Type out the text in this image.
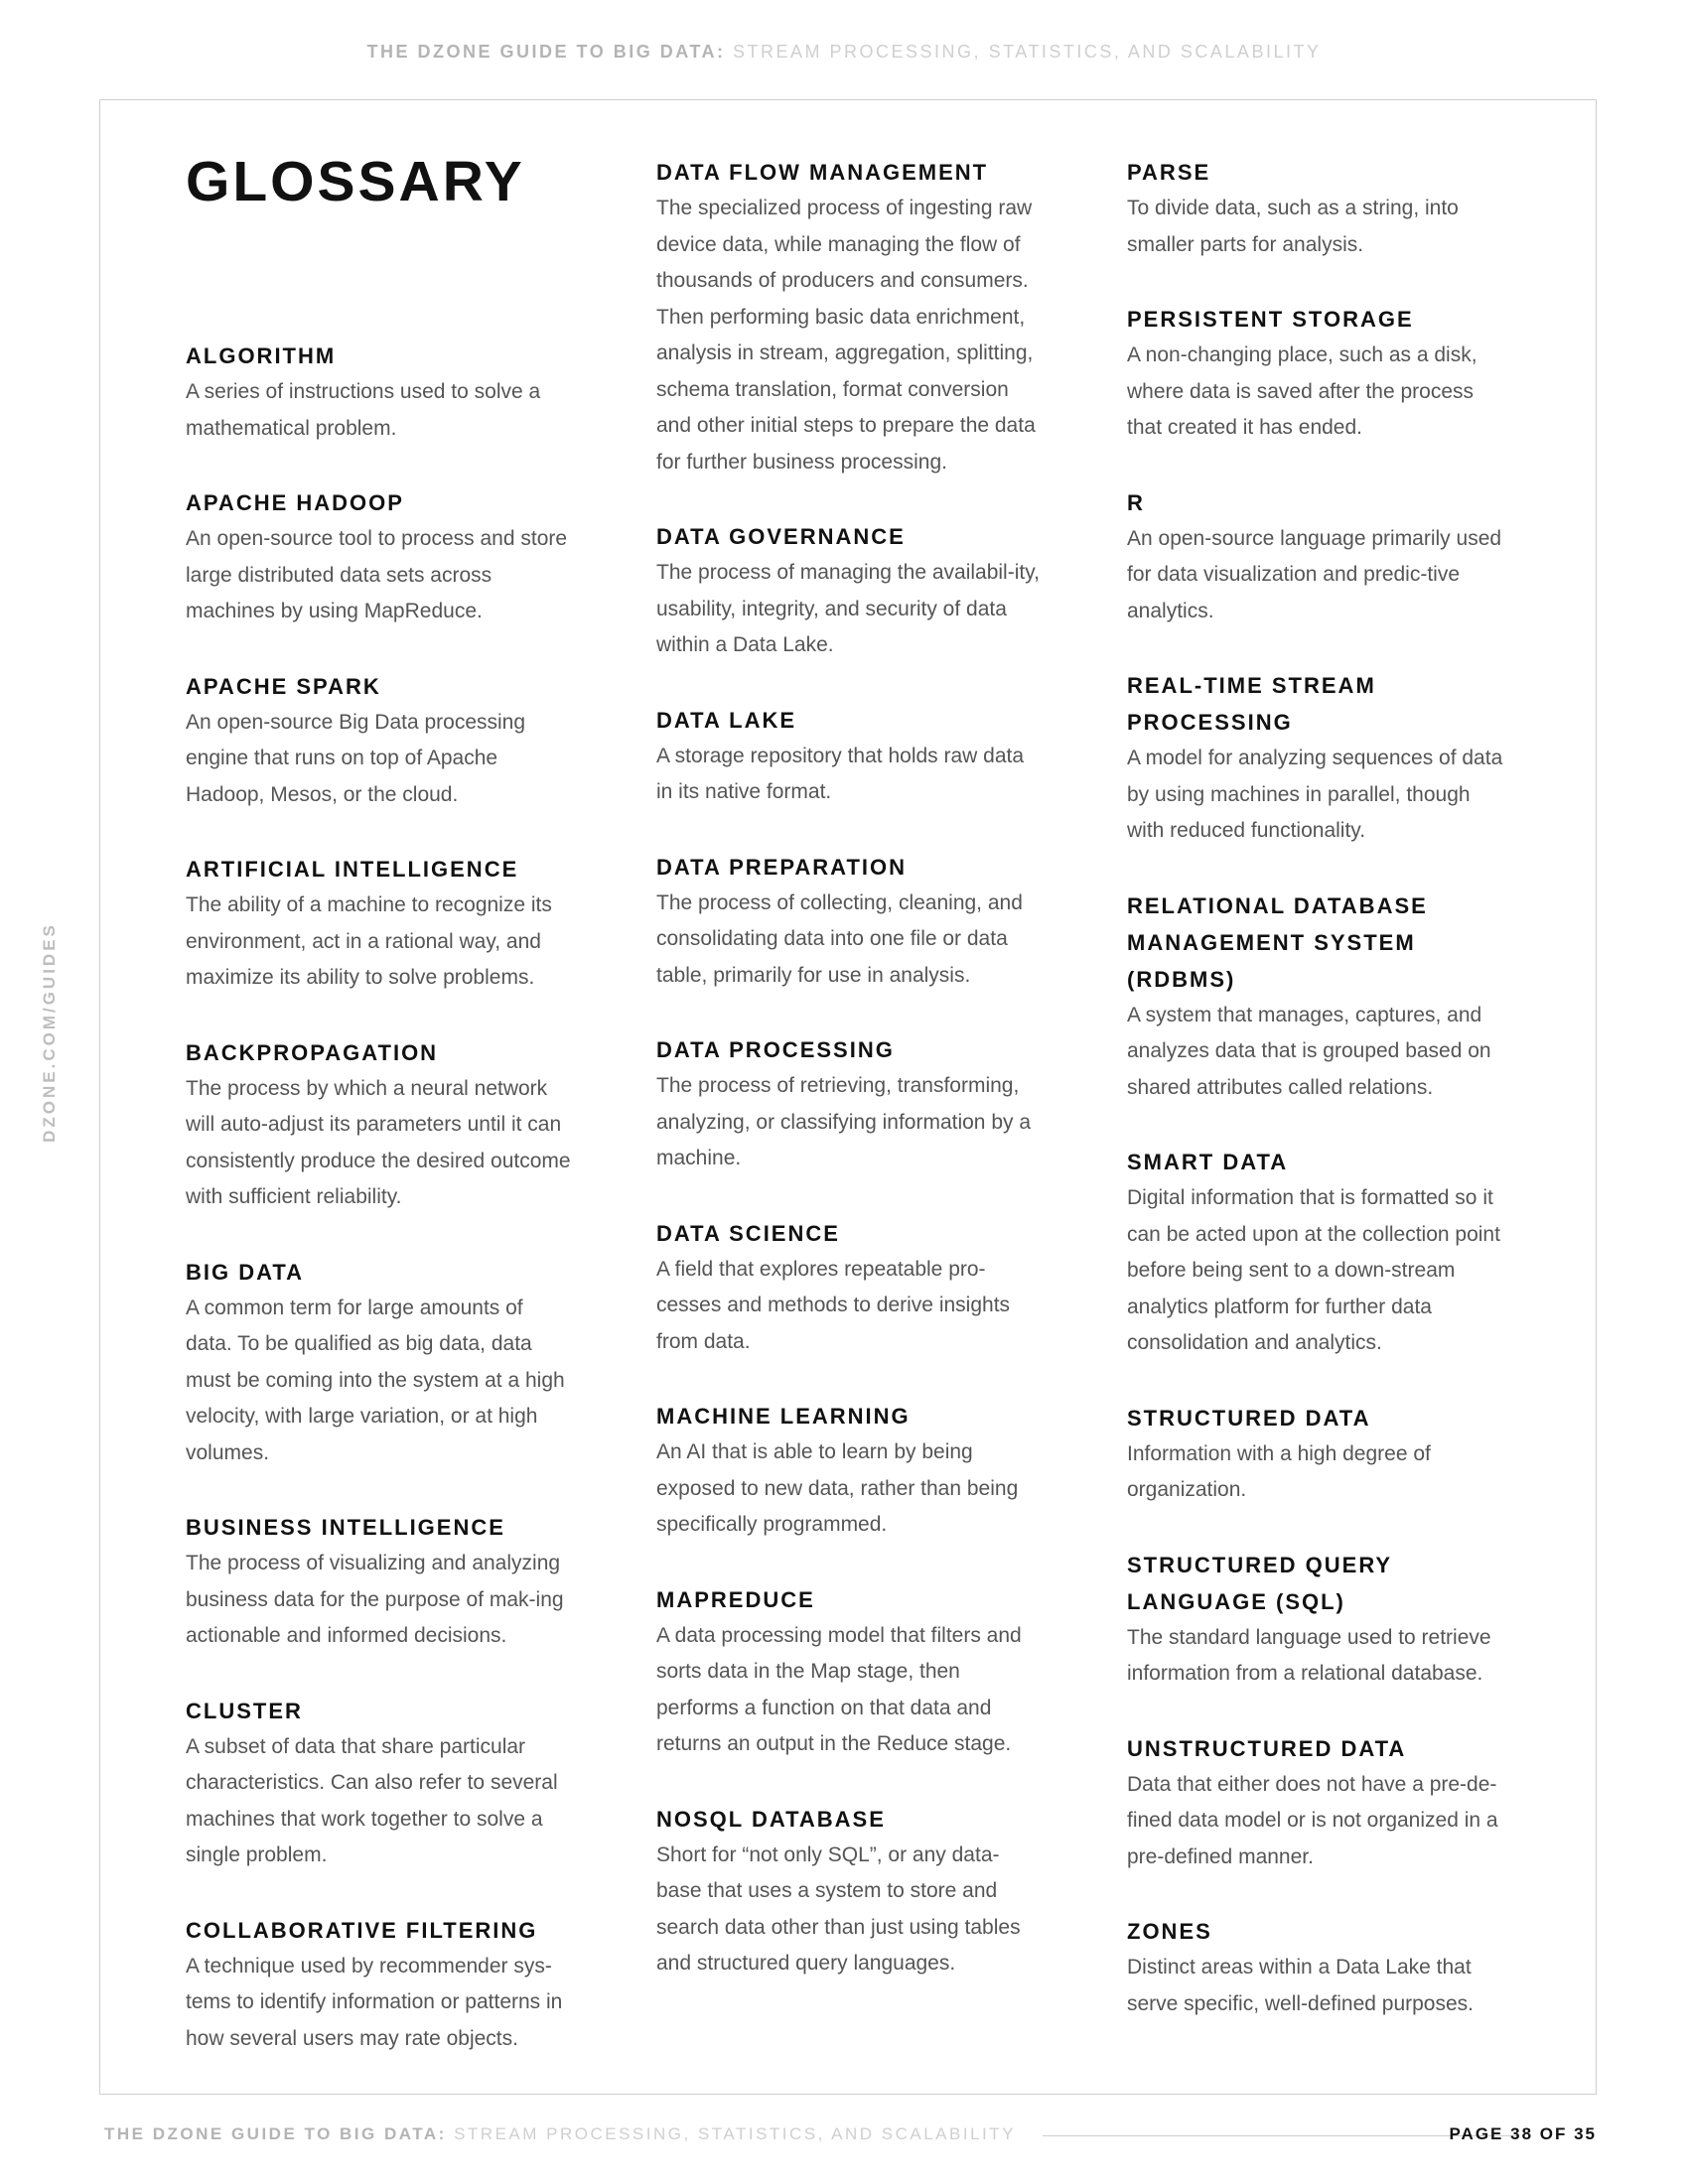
THE DZONE GUIDE TO BIG DATA: STREAM PROCESSING, STATISTICS, AND SCALABILITY
DZONE.COM/GUIDES
GLOSSARY

ALGORITHM

A series of instructions used to solve a mathematical problem.

APACHE HADOOP

An open-source tool to process and store large distributed data sets across machines by using MapReduce.

APACHE SPARK

An open-source Big Data processing engine that runs on top of Apache Hadoop, Mesos, or the cloud.

ARTIFICIAL INTELLIGENCE

The ability of a machine to recognize its environment, act in a rational way, and maximize its ability to solve problems.

BACKPROPAGATION

The process by which a neural network will auto-adjust its parameters until it can consistently produce the desired outcome with sufficient reliability.

BIG DATA

A common term for large amounts of data. To be qualified as big data, data must be coming into the system at a high velocity, with large variation, or at high volumes.

BUSINESS INTELLIGENCE

The process of visualizing and analyzing business data for the purpose of mak-ing actionable and informed decisions.

CLUSTER

A subset of data that share particular characteristics. Can also refer to several machines that work together to solve a single problem.

COLLABORATIVE FILTERING

A technique used by recommender sys-tems to identify information or patterns in how several users may rate objects.

DATA FLOW MANAGEMENT

The specialized process of ingesting raw device data, while managing the flow of thousands of producers and consumers. Then performing basic data enrichment, analysis in stream, aggregation, splitting, schema translation, format conversion and other initial steps to prepare the data for further business processing.

DATA GOVERNANCE

The process of managing the availabil-ity, usability, integrity, and security of data within a Data Lake.

DATA LAKE

A storage repository that holds raw data in its native format.

DATA PREPARATION

The process of collecting, cleaning, and consolidating data into one file or data table, primarily for use in analysis.

DATA PROCESSING

The process of retrieving, transforming, analyzing, or classifying information by a machine.

DATA SCIENCE

A field that explores repeatable pro-cesses and methods to derive insights from data.

MACHINE LEARNING

An AI that is able to learn by being exposed to new data, rather than being specifically programmed.

MAPREDUCE

A data processing model that filters and sorts data in the Map stage, then performs a function on that data and returns an output in the Reduce stage.

NOSQL DATABASE

Short for “not only SQL”, or any data-base that uses a system to store and search data other than just using tables and structured query languages.

PARSE

To divide data, such as a string, into smaller parts for analysis.

PERSISTENT STORAGE

A non-changing place, such as a disk, where data is saved after the process that created it has ended.

R

An open-source language primarily used for data visualization and predic-tive analytics.

REAL-TIME STREAM PROCESSING

A model for analyzing sequences of data by using machines in parallel, though with reduced functionality.

RELATIONAL DATABASE MANAGEMENT SYSTEM (RDBMS)

A system that manages, captures, and analyzes data that is grouped based on shared attributes called relations.

SMART DATA

Digital information that is formatted so it can be acted upon at the collection point before being sent to a down-stream analytics platform for further data consolidation and analytics.

STRUCTURED DATA

Information with a high degree of organization.

STRUCTURED QUERY LANGUAGE (SQL)

The standard language used to retrieve information from a relational database.

UNSTRUCTURED DATA

Data that either does not have a pre-de-fined data model or is not organized in a pre-defined manner.

ZONES

Distinct areas within a Data Lake that serve specific, well-defined purposes.

THE DZONE GUIDE TO BIG DATA: STREAM PROCESSING, STATISTICS, AND SCALABILITY	PAGE 38 OF 35
